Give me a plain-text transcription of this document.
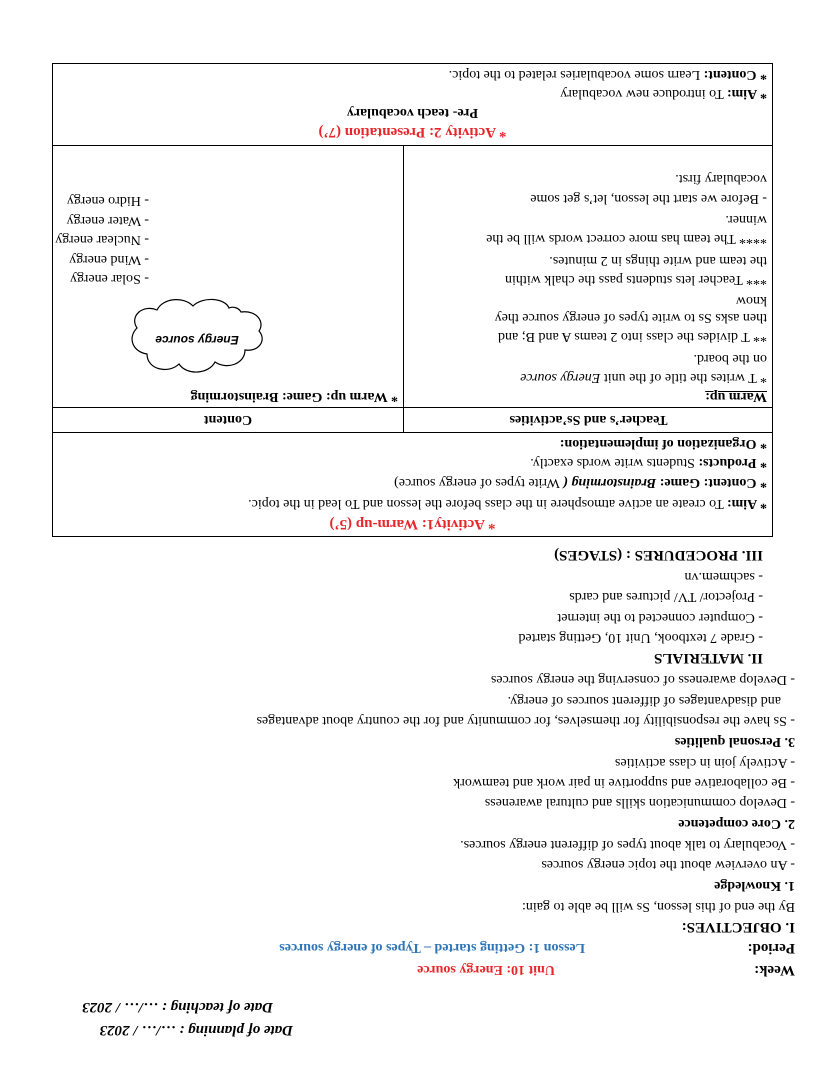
Date of planning : …/… / 2023
Date of teaching : …/… / 2023
Week:
Unit 10: Energy source
Period:
Lesson 1: Getting started – Types of energy sources
I. OBJECTIVES:
By the end of this lesson, Ss will be able to gain:
1. Knowledge
- An overview about the topic energy sources
- Vocabulary to talk about types of different energy sources.
2. Core competence
- Develop communication skills and cultural awareness
- Be collaborative and supportive in pair work and teamwork
- Actively join in class activities
3. Personal qualities
- Ss have the responsibility for themselves, for community and for the country about advantages
and disadvantages of different sources of energy.
- Develop awareness of conserving the energy sources
II. MATERIALS
- Grade 7 textbook, Unit 10, Getting started
- Computer connected to the internet
- Projector/ TV/ pictures and cards
- sachmem.vn
III. PROCEDURES : (STAGES)
* Activity1: Warm-up (5’)
* Aim: To create an active atmosphere in the class before the lesson and To lead in the topic.
* Content: Game: Brainstorming ( Write types of energy source)
* Products: Students write words exactly.
* Organization of implementation:
Teacher’s and Ss’activities
Content
Warm up:
* T writes the title of the unit Energy source
on the board.
** T divides the class into 2 teams A and B; and
then asks Ss to write types of energy source they
know
*** Teacher lets students pass the chalk within
the team and write things in 2 minutes.
**** The team has more correct words will be the
winner.
- Before we start the lesson, let’s get some
vocabulary first.
* Warm up: Game: Brainstorming
Energy source
- Solar energy
- Wind energy
- Nuclear energy
- Water energy
- Hidro energy
* Activity 2: Presentation (7’)
Pre- teach vocabulary
* Aim: To introduce new vocabulary
* Content: Learn some vocabularies related to the topic.
